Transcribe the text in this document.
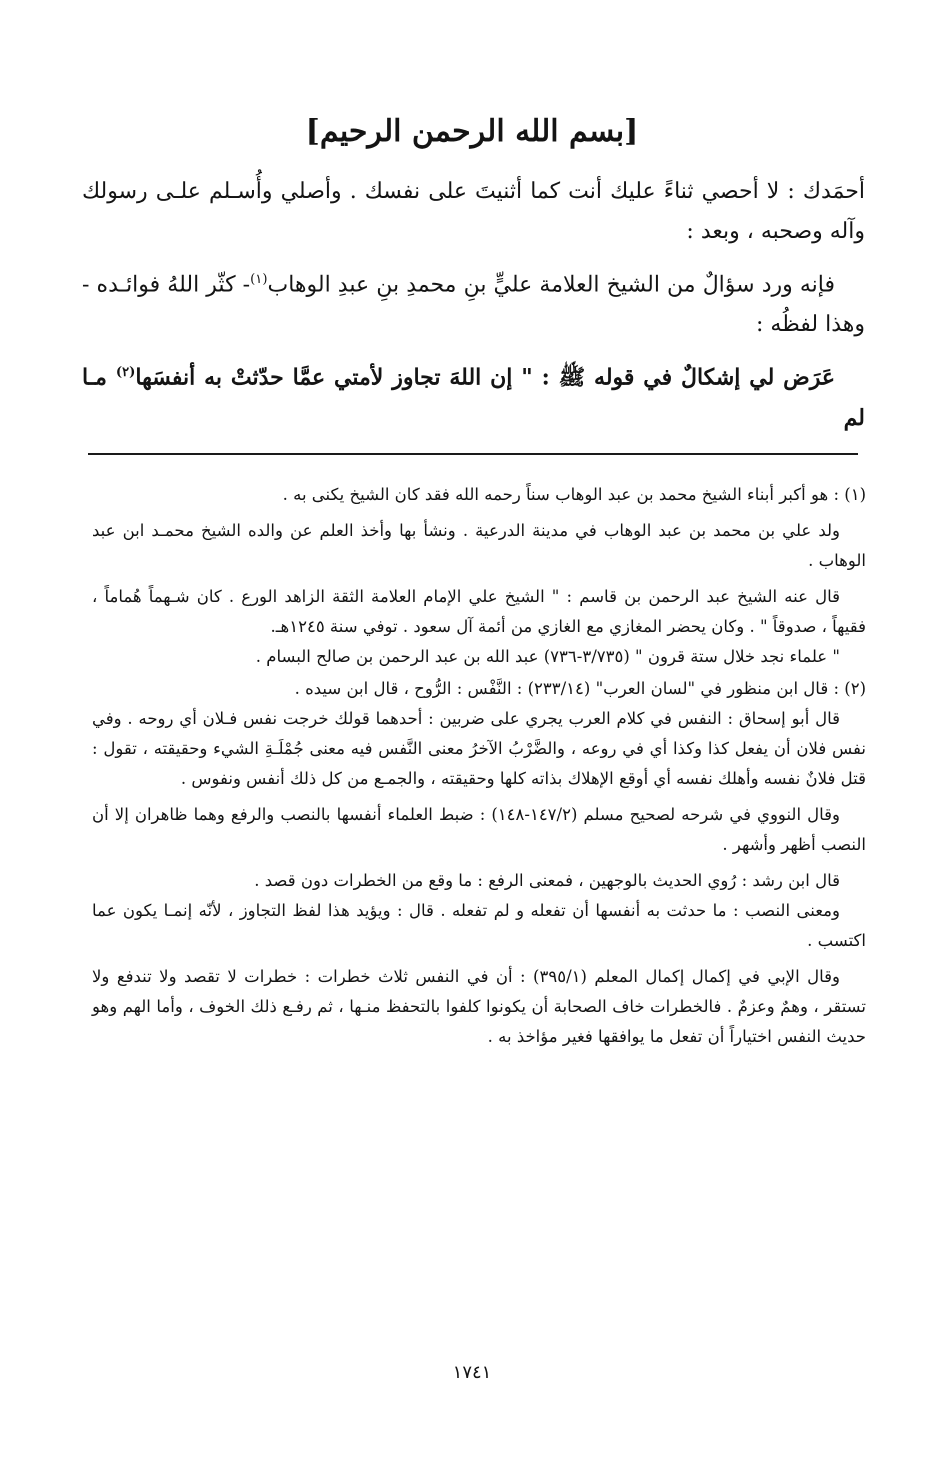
[بسم الله الرحمن الرحيم]

أحمَدك : لا أحصي ثناءً عليك أنت كما أثنيتَ على نفسك . وأصلي وأُسـلم علـى رسولك وآله وصحبه ، وبعد :

فإنه ورد سؤالٌ من الشيخ العلامة عليٍّ بنِ محمدِ بنِ عبدِ الوهاب$^{(١)}$- كثّر اللهُ فوائـده - وهذا لفظُه :

عَرَض لي إشكالٌ في قوله ﷺ : " إن اللهَ تجاوز لأمتي عمَّا حدّثتْ به أنفسَها$^{(٢)}$ مـا لم

(١) : هو أكبر أبناء الشيخ محمد بن عبد الوهاب سناً رحمه الله فقد كان الشيخ يكنى به .

ولد علي بن محمد بن عبد الوهاب في مدينة الدرعية . ونشأ بها وأخذ العلم عن والده الشيخ محمـد ابن عبد الوهاب .

قال عنه الشيخ عبد الرحمن بن قاسم : " الشيخ علي الإمام العلامة الثقة الزاهد الورع . كان شـهماً هُماماً ، فقيهاً ، صدوقاً " . وكان يحضر المغازي مع الغازي من أئمة آل سعود . توفي سنة ١٢٤٥هـ.

" علماء نجد خلال ستة قرون " (٣/٧٣٥-٧٣٦) عبد الله بن عبد الرحمن بن صالح البسام .

(٢) : قال ابن منظور في "لسان العرب" (٢٣٣/١٤) : النَّفْس : الرُّوح ، قال ابن سيده .

قال أبو إسحاق : النفس في كلام العرب يجري على ضربين : أحدهما قولك خرجت نفس فـلان أي روحه . وفي نفس فلان أن يفعل كذا وكذا أي في روعه ، والضَّرْبُ الآخرُ معنى النَّفس فيه معنى جُمْلَـةِ الشيء وحقيقته ، تقول : قتل فلانٌ نفسه وأهلك نفسه أي أوقع الإهلاك بذاته كلها وحقيقته ، والجمـع من كل ذلك أنفس ونفوس .

وقال النووي في شرحه لصحيح مسلم (١٤٧/٢-١٤٨) : ضبط العلماء أنفسها بالنصب والرفع وهما ظاهران إلا أن النصب أظهر وأشهر .

قال ابن رشد : رُوي الحديث بالوجهين ، فمعنى الرفع : ما وقع من الخطرات دون قصد .

ومعنى النصب : ما حدثت به أنفسها أن تفعله و لم تفعله . قال : ويؤيد هذا لفظ التجاوز ، لأنّه إنمـا يكون عما اكتسب .

وقال الإبي في إكمال إكمال المعلم (٣٩٥/١) : أن في النفس ثلاث خطرات : خطرات لا تقصد ولا تندفع ولا تستقر ، وهمٌ وعزمٌ . فالخطرات خاف الصحابة أن يكونوا كلفوا بالتحفظ منـها ، ثم رفـع ذلك الخوف ، وأما الهم وهو حديث النفس اختياراً أن تفعل ما يوافقها فغير مؤاخذ به .

١٧٤١
